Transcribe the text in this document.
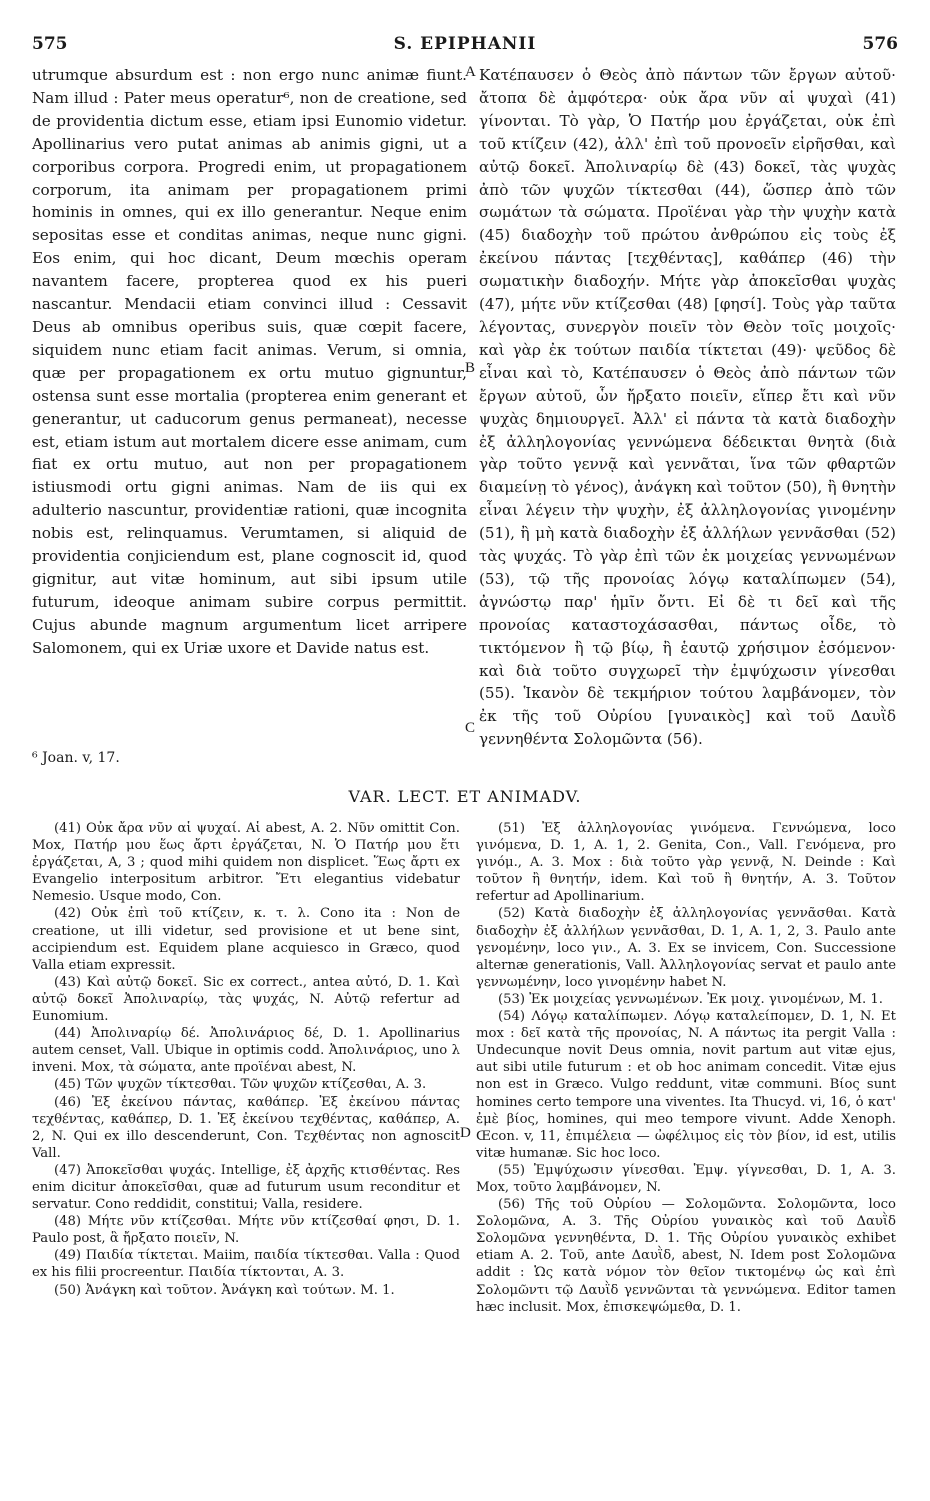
575	S. EPIPHANII	576

utrumque absurdum est : non ergo nunc animæ fiunt. Nam illud : Pater meus operatur⁶, non de creatione, sed de providentia dictum esse, etiam ipsi Eunomio videtur. Apollinarius vero putat animas ab animis gigni, ut a corporibus corpora. Progredi enim, ut propagationem corporum, ita animam per propagationem primi hominis in omnes, qui ex illo generantur. Neque enim sepositas esse et conditas animas, neque nunc gigni. Eos enim, qui hoc dicant, Deum mœchis operam navantem facere, propterea quod ex his pueri nascantur. Mendacii etiam convinci illud : Cessavit Deus ab omnibus operibus suis, quæ cœpit facere, siquidem nunc etiam facit animas. Verum, si omnia, quæ per propagationem ex ortu mutuo gignuntur, ostensa sunt esse mortalia (propterea enim generant et generantur, ut caducorum genus permaneat), necesse est, etiam istum aut mortalem dicere esse animam, cum fiat ex ortu mutuo, aut non per propagationem istiusmodi ortu gigni animas. Nam de iis qui ex adulterio nascuntur, providentiæ rationi, quæ incognita nobis est, relinquamus. Verumtamen, si aliquid de providentia conjiciendum est, plane cognoscit id, quod gignitur, aut vitæ hominum, aut sibi ipsum utile futurum, ideoque animam subire corpus permittit. Cujus abunde magnum argumentum licet arripere Salomonem, qui ex Uriæ uxore et Davide natus est.

A
B
C

Κατέπαυσεν ὁ Θεὸς ἀπὸ πάντων τῶν ἔργων αὐτοῦ· ἄτοπα δὲ ἀμφότερα· οὐκ ἄρα νῦν αἱ ψυχαὶ (41) γίνονται. Τὸ γὰρ, Ὁ Πατήρ μου ἐργάζεται, οὐκ ἐπὶ τοῦ κτίζειν (42), ἀλλ' ἐπὶ τοῦ προνοεῖν εἰρῆσθαι, καὶ αὐτῷ δοκεῖ. Ἀπολιναρίῳ δὲ (43) δοκεῖ, τὰς ψυχὰς ἀπὸ τῶν ψυχῶν τίκτεσθαι (44), ὥσπερ ἀπὸ τῶν σωμάτων τὰ σώματα. Προϊέναι γὰρ τὴν ψυχὴν κατὰ (45) διαδοχὴν τοῦ πρώτου ἀνθρώπου εἰς τοὺς ἐξ ἐκείνου πάντας [τεχθέντας], καθάπερ (46) τὴν σωματικὴν διαδοχήν. Μήτε γὰρ ἀποκεῖσθαι ψυχὰς (47), μήτε νῦν κτίζεσθαι (48) [φησί]. Τοὺς γὰρ ταῦτα λέγοντας, συνεργὸν ποιεῖν τὸν Θεὸν τοῖς μοιχοῖς· καὶ γὰρ ἐκ τούτων παιδία τίκτεται (49)· ψεῦδος δὲ εἶναι καὶ τὸ, Κατέπαυσεν ὁ Θεὸς ἀπὸ πάντων τῶν ἔργων αὐτοῦ, ὧν ἤρξατο ποιεῖν, εἴπερ ἔτι καὶ νῦν ψυχὰς δημιουργεῖ. Ἀλλ' εἰ πάντα τὰ κατὰ διαδοχὴν ἐξ ἀλληλογονίας γεννώμενα δέδεικται θνητὰ (διὰ γὰρ τοῦτο γεννᾷ καὶ γεννᾶται, ἵνα τῶν φθαρτῶν διαμείνῃ τὸ γένος), ἀνάγκη καὶ τοῦτον (50), ἢ θνητὴν εἶναι λέγειν τὴν ψυχὴν, ἐξ ἀλληλογονίας γινομένην (51), ἢ μὴ κατὰ διαδοχὴν ἐξ ἀλλήλων γεννᾶσθαι (52) τὰς ψυχάς. Τὸ γὰρ ἐπὶ τῶν ἐκ μοιχείας γεννωμένων (53), τῷ τῆς προνοίας λόγῳ καταλίπωμεν (54), ἀγνώστῳ παρ' ἡμῖν ὄντι. Εἰ δὲ τι δεῖ καὶ τῆς προνοίας καταστοχάσασθαι, πάντως οἶδε, τὸ τικτόμενον ἢ τῷ βίῳ, ἢ ἑαυτῷ χρήσιμον ἐσόμενον· καὶ διὰ τοῦτο συγχωρεῖ τὴν ἐμψύχωσιν γίνεσθαι (55). Ἱκανὸν δὲ τεκμήριον τούτου λαμβάνομεν, τὸν ἐκ τῆς τοῦ Οὐρίου [γυναικὸς] καὶ τοῦ Δαυῒδ γεννηθέντα Σολομῶντα (56).

⁶ Joan. v, 17.
VAR. LECT. ET ANIMADV.

(41) Οὐκ ἄρα νῦν αἱ ψυχαί. Αἱ abest, A. 2. Νῦν omittit Con. Mox, Πατήρ μου ἕως ἄρτι ἐργάζεται, N. Ὁ Πατήρ μου ἔτι ἐργάζεται, A, 3 ; quod mihi quidem non displicet. Ἕως ἄρτι ex Evangelio interpositum arbitror. Ἔτι elegantius videbatur Nemesio. Usque modo, Con.

(42) Οὐκ ἐπὶ τοῦ κτίζειν, κ. τ. λ. Cono ita : Non de creatione, ut illi videtur, sed provisione et ut bene sint, accipiendum est. Equidem plane acquiesco in Græco, quod Valla etiam expressit.

(43) Καὶ αὐτῷ δοκεῖ. Sic ex correct., antea αὐτό, D. 1. Καὶ αὐτῷ δοκεῖ Ἀπολιναρίῳ, τὰς ψυχάς, N. Αὐτῷ refertur ad Eunomium.

(44) Ἀπολιναρίῳ δέ. Ἀπολινάριος δέ, D. 1. Apollinarius autem censet, Vall. Ubique in optimis codd. Ἀπολινάριος, uno λ inveni. Mox, τὰ σώματα, ante προϊέναι abest, N.

(45) Τῶν ψυχῶν τίκτεσθαι. Τῶν ψυχῶν κτίζεσθαι, A. 3.

(46) Ἐξ ἐκείνου πάντας, καθάπερ. Ἐξ ἐκείνου πάντας τεχθέντας, καθάπερ, D. 1. Ἐξ ἐκείνου τεχθέντας, καθάπερ, A. 2, N. Qui ex illo descenderunt, Con. Τεχθέντας non agnoscit Vall.

(47) Ἀποκεῖσθαι ψυχάς. Intellige, ἐξ ἀρχῆς κτισθέντας. Res enim dicitur ἀποκεῖσθαι, quæ ad futurum usum reconditur et servatur. Cono reddidit, constitui; Valla, residere.

(48) Μήτε νῦν κτίζεσθαι. Μήτε νῦν κτίζεσθαί φησι, D. 1. Paulo post, ἃ ἤρξατο ποιεῖν, N.

(49) Παιδία τίκτεται. Maiim, παιδία τίκτεσθαι. Valla : Quod ex his filii procreentur. Παιδία τίκτονται, A. 3.

(50) Ἀνάγκη καὶ τοῦτον. Ἀνάγκη καὶ τούτων. M. 1.

D

(51) Ἐξ ἀλληλογονίας γινόμενα. Γεννώμενα, loco γινόμενα, D. 1, A. 1, 2. Genita, Con., Vall. Γενόμενα, pro γινόμ., A. 3. Mox : διὰ τοῦτο γὰρ γεννᾷ, N. Deinde : Καὶ τοῦτον ἢ θνητήν, idem. Καὶ τοῦ ἢ θνητήν, A. 3. Τοῦτον refertur ad Apollinarium.

(52) Κατὰ διαδοχὴν ἐξ ἀλληλογονίας γεννᾶσθαι. Κατὰ διαδοχὴν ἐξ ἀλλήλων γεννᾶσθαι, D. 1, A. 1, 2, 3. Paulo ante γενομένην, loco γιν., A. 3. Ex se invicem, Con. Successione alternæ generationis, Vall. Ἀλληλογονίας servat et paulo ante γεννωμένην, loco γινομένην habet N.

(53) Ἐκ μοιχείας γεννωμένων. Ἐκ μοιχ. γινομένων, M. 1.

(54) Λόγῳ καταλίπωμεν. Λόγῳ καταλείπομεν, D. 1, N. Et mox : δεῖ κατὰ τῆς προνοίας, N. A πάντως ita pergit Valla : Undecunque novit Deus omnia, novit partum aut vitæ ejus, aut sibi utile futurum : et ob hoc animam concedit. Vitæ ejus non est in Græco. Vulgo reddunt, vitæ communi. Βίος sunt homines certo tempore una viventes. Ita Thucyd. vi, 16, ὁ κατ' ἐμὲ βίος, homines, qui meo tempore vivunt. Adde Xenoph. Œcon. v, 11, ἐπιμέλεια — ὠφέλιμος εἰς τὸν βίον, id est, utilis vitæ humanæ. Sic hoc loco.

(55) Ἐμψύχωσιν γίνεσθαι. Ἐμψ. γίγνεσθαι, D. 1, A. 3. Mox, τοῦτο λαμβάνομεν, N.

(56) Τῆς τοῦ Οὐρίου — Σολομῶντα. Σολομῶντα, loco Σολομῶνα, A. 3. Τῆς Οὐρίου γυναικὸς καὶ τοῦ Δαυῒδ Σολομῶνα γεννηθέντα, D. 1. Τῆς Οὐρίου γυναικὸς exhibet etiam A. 2. Τοῦ, ante Δαυῒδ, abest, N. Idem post Σολομῶνα addit : Ὡς κατὰ νόμον τὸν θεῖον τικτομένῳ ὡς καὶ ἐπὶ Σολομῶντι τῷ Δαυῒδ γεννῶνται τὰ γεννώμενα. Editor tamen hæc inclusit. Mox, ἐπισκεψώμεθα, D. 1.
